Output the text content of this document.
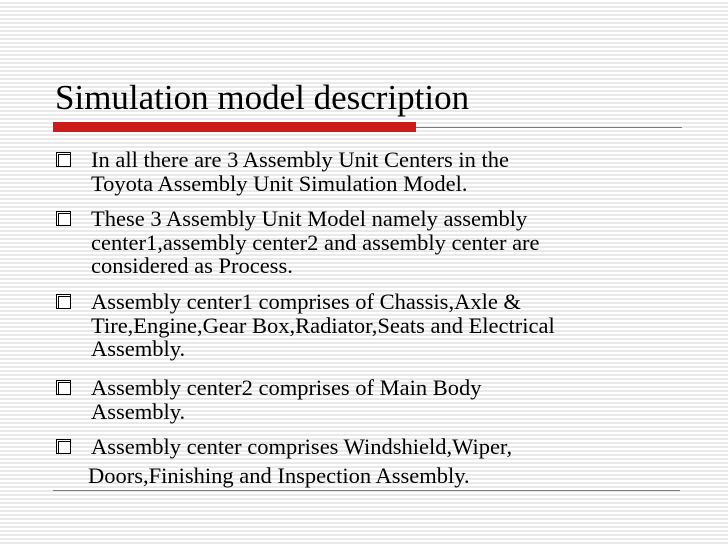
Simulation model description
In all there are 3 Assembly Unit Centers in the
Toyota Assembly Unit Simulation Model.
These 3 Assembly Unit Model namely assembly
center1,assembly center2 and assembly center are
considered as Process.
Assembly center1 comprises of Chassis,Axle &
Tire,Engine,Gear Box,Radiator,Seats and Electrical
Assembly.
Assembly center2 comprises of Main Body
Assembly.
Assembly center comprises Windshield,Wiper,
Doors,Finishing and Inspection Assembly.
